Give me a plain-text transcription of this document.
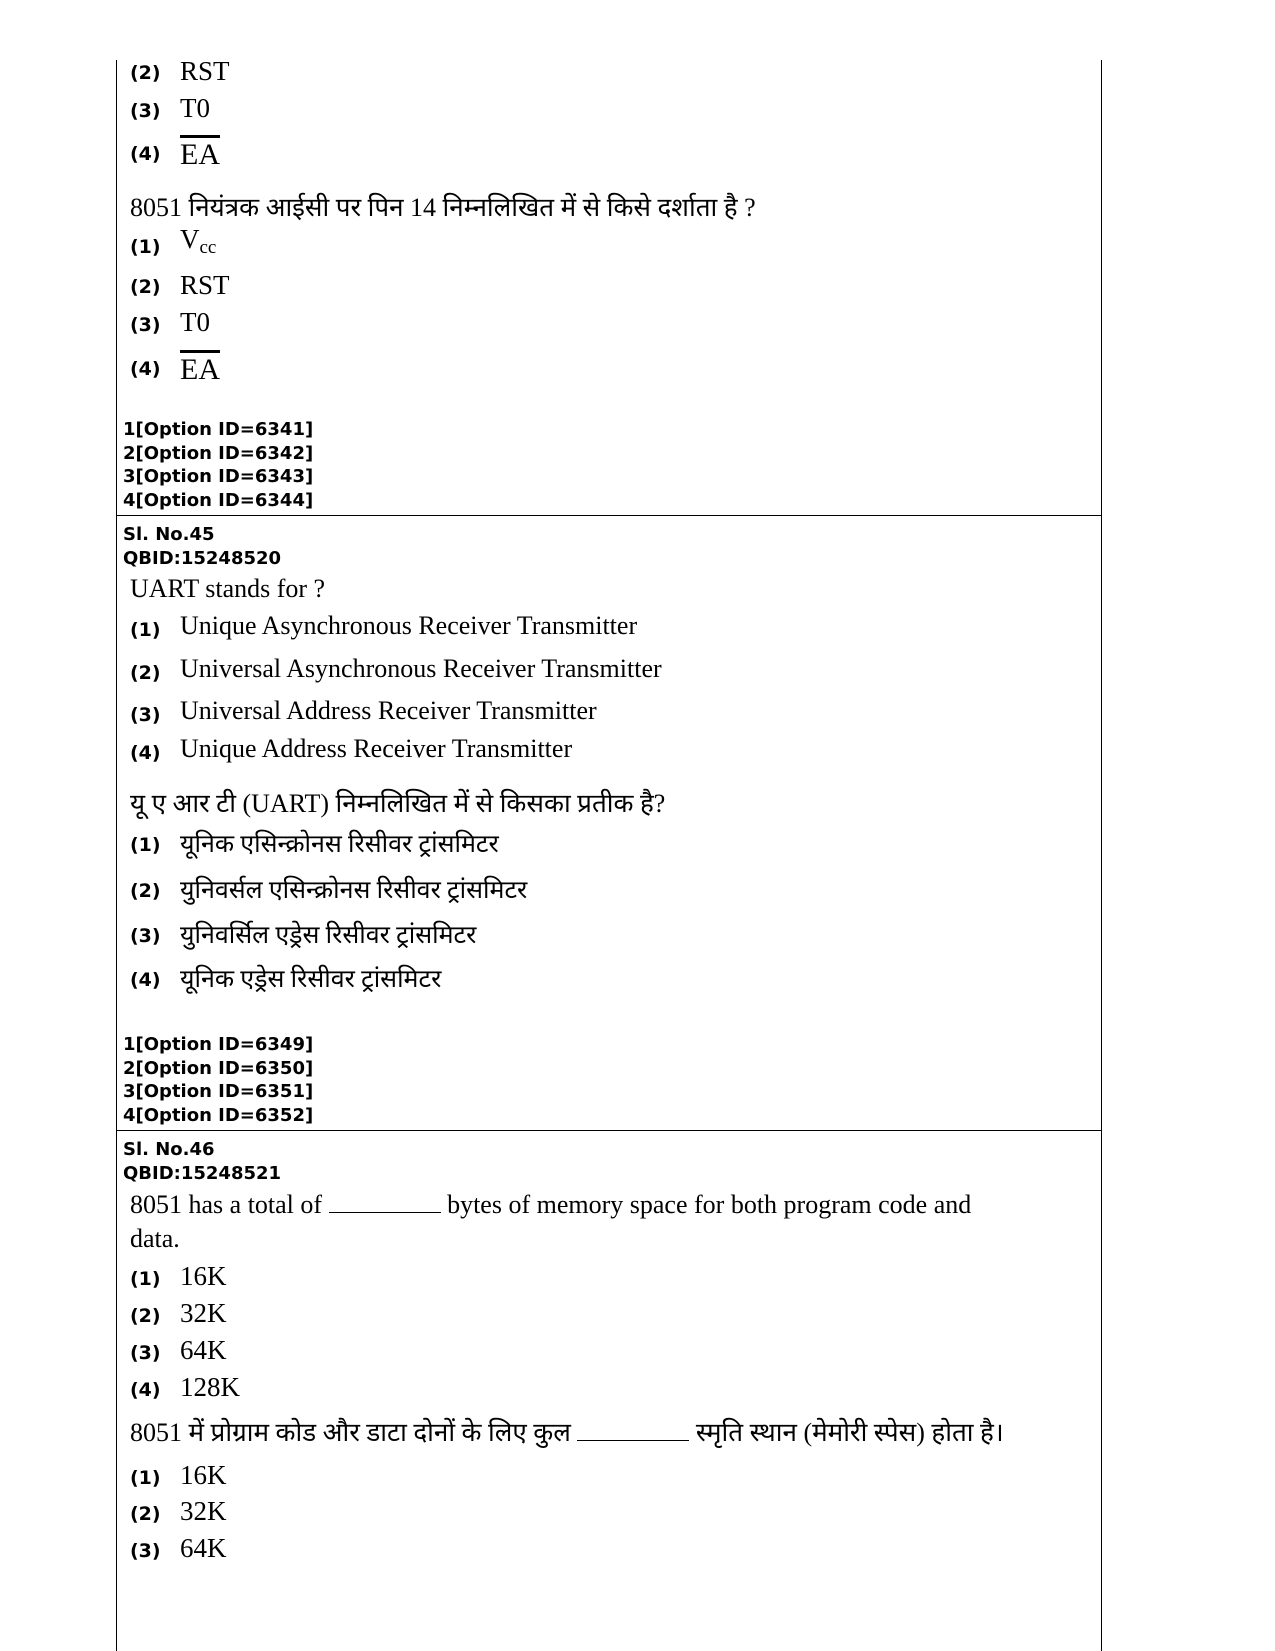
(2) RST
(3) T0
(4) $\overline{EA}$
8051 नियंत्रक आईसी पर पिन 14 निम्नलिखित में से किसे दर्शाता है ?
(1) $V_{cc}$
(2) RST
(3) T0
(4) $\overline{EA}$
1[Option ID=6341]
2[Option ID=6342]
3[Option ID=6343]
4[Option ID=6344]
Sl. No.45
QBID:15248520
UART stands for ?
(1) Unique Asynchronous Receiver Transmitter
(2) Universal Asynchronous Receiver Transmitter
(3) Universal Address Receiver Transmitter
(4) Unique Address Receiver Transmitter
यू ए आर टी (UART) निम्नलिखित में से किसका प्रतीक है?
(1) यूनिक एसिन्क्रोनस रिसीवर ट्रांसमिटर
(2) युनिवर्सल एसिन्क्रोनस रिसीवर ट्रांसमिटर
(3) युनिवर्सिल एड्रेस रिसीवर ट्रांसमिटर
(4) यूनिक एड्रेस रिसीवर ट्रांसमिटर
1[Option ID=6349]
2[Option ID=6350]
3[Option ID=6351]
4[Option ID=6352]
Sl. No.46
QBID:15248521
8051 has a total of	bytes of memory space for both program code and
data.
(1) 16K
(2) 32K
(3) 64K
(4) 128K
8051 में प्रोग्राम कोड और डाटा दोनों के लिए कुल	स्मृति स्थान (मेमोरी स्पेस) होता है।
(1) 16K
(2) 32K
(3) 64K
